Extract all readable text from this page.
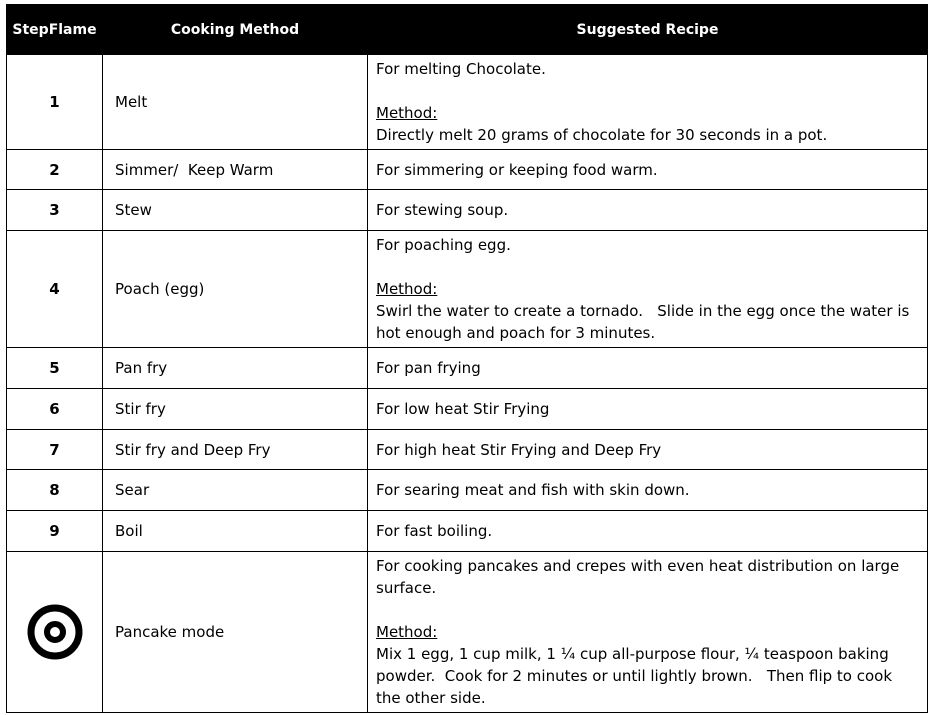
StepFlame	Cooking Method	Suggested Recipe
1	Melt	For melting Chocolate.
Method:
Directly melt 20 grams of chocolate for 30 seconds in a pot.

2	Simmer/  Keep Warm	For simmering or keeping food warm.
3	Stew	For stewing soup.
4	Poach (egg)	For poaching egg.
Method:
Swirl the water to create a tornado.   Slide in the egg once the water is hot enough and poach for 3 minutes.

5	Pan fry	For pan frying
6	Stir fry	For low heat Stir Frying
7	Stir fry and Deep Fry	For high heat Stir Frying and Deep Fry
8	Sear	For searing meat and fish with skin down.
9	Boil	For fast boiling.
	Pancake mode	For cooking pancakes and crepes with even heat distribution on large surface.
Method:
Mix 1 egg, 1 cup milk, 1 ¼ cup all-purpose flour, ¼ teaspoon baking powder.  Cook for 2 minutes or until lightly brown.   Then flip to cook the other side.
